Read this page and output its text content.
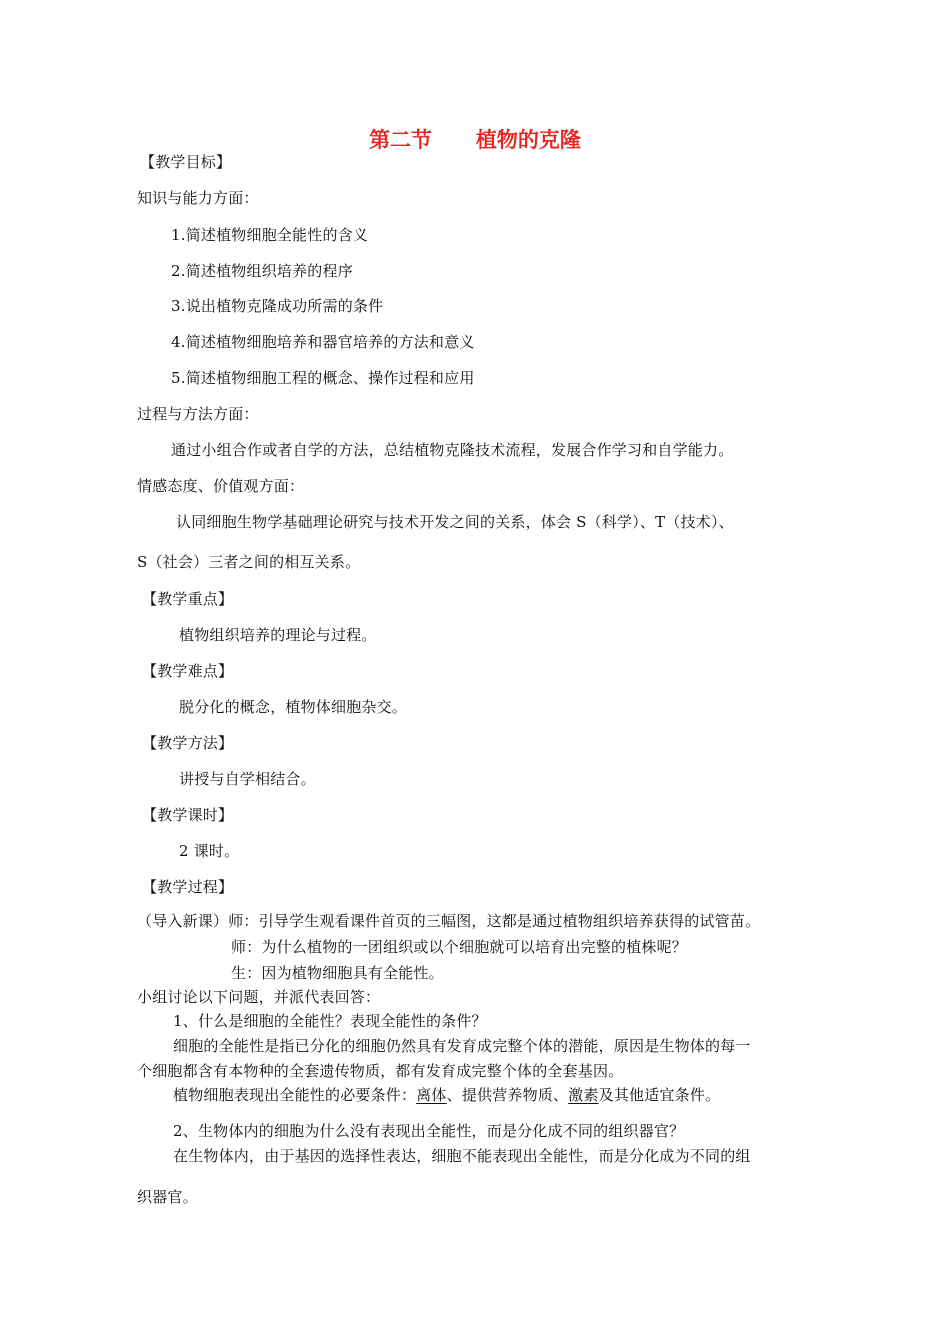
第二节      植物的克隆
【教学目标】
知识与能力方面：
1.简述植物细胞全能性的含义
2.简述植物组织培养的程序
3.说出植物克隆成功所需的条件
4.简述植物细胞培养和器官培养的方法和意义
5.简述植物细胞工程的概念、操作过程和应用
过程与方法方面：
通过小组合作或者自学的方法，总结植物克隆技术流程，发展合作学习和自学能力。
情感态度、价值观方面：
认同细胞生物学基础理论研究与技术开发之间的关系，体会 S（科学）、T（技术）、
S（社会）三者之间的相互关系。
【教学重点】
植物组织培养的理论与过程。
【教学难点】
脱分化的概念，植物体细胞杂交。
【教学方法】
讲授与自学相结合。
【教学课时】
2 课时。
【教学过程】
（导入新课）师：引导学生观看课件首页的三幅图，这都是通过植物组织培养获得的试管苗。
师：为什么植物的一团组织或以个细胞就可以培育出完整的植株呢？
生：因为植物细胞具有全能性。
小组讨论以下问题，并派代表回答：
1、什么是细胞的全能性？表现全能性的条件？
细胞的全能性是指已分化的细胞仍然具有发育成完整个体的潜能，原因是生物体的每一
个细胞都含有本物种的全套遗传物质，都有发育成完整个体的全套基因。
植物细胞表现出全能性的必要条件：离体、提供营养物质、激素及其他适宜条件。
2、生物体内的细胞为什么没有表现出全能性，而是分化成不同的组织器官？
在生物体内，由于基因的选择性表达，细胞不能表现出全能性，而是分化成为不同的组
织器官。
